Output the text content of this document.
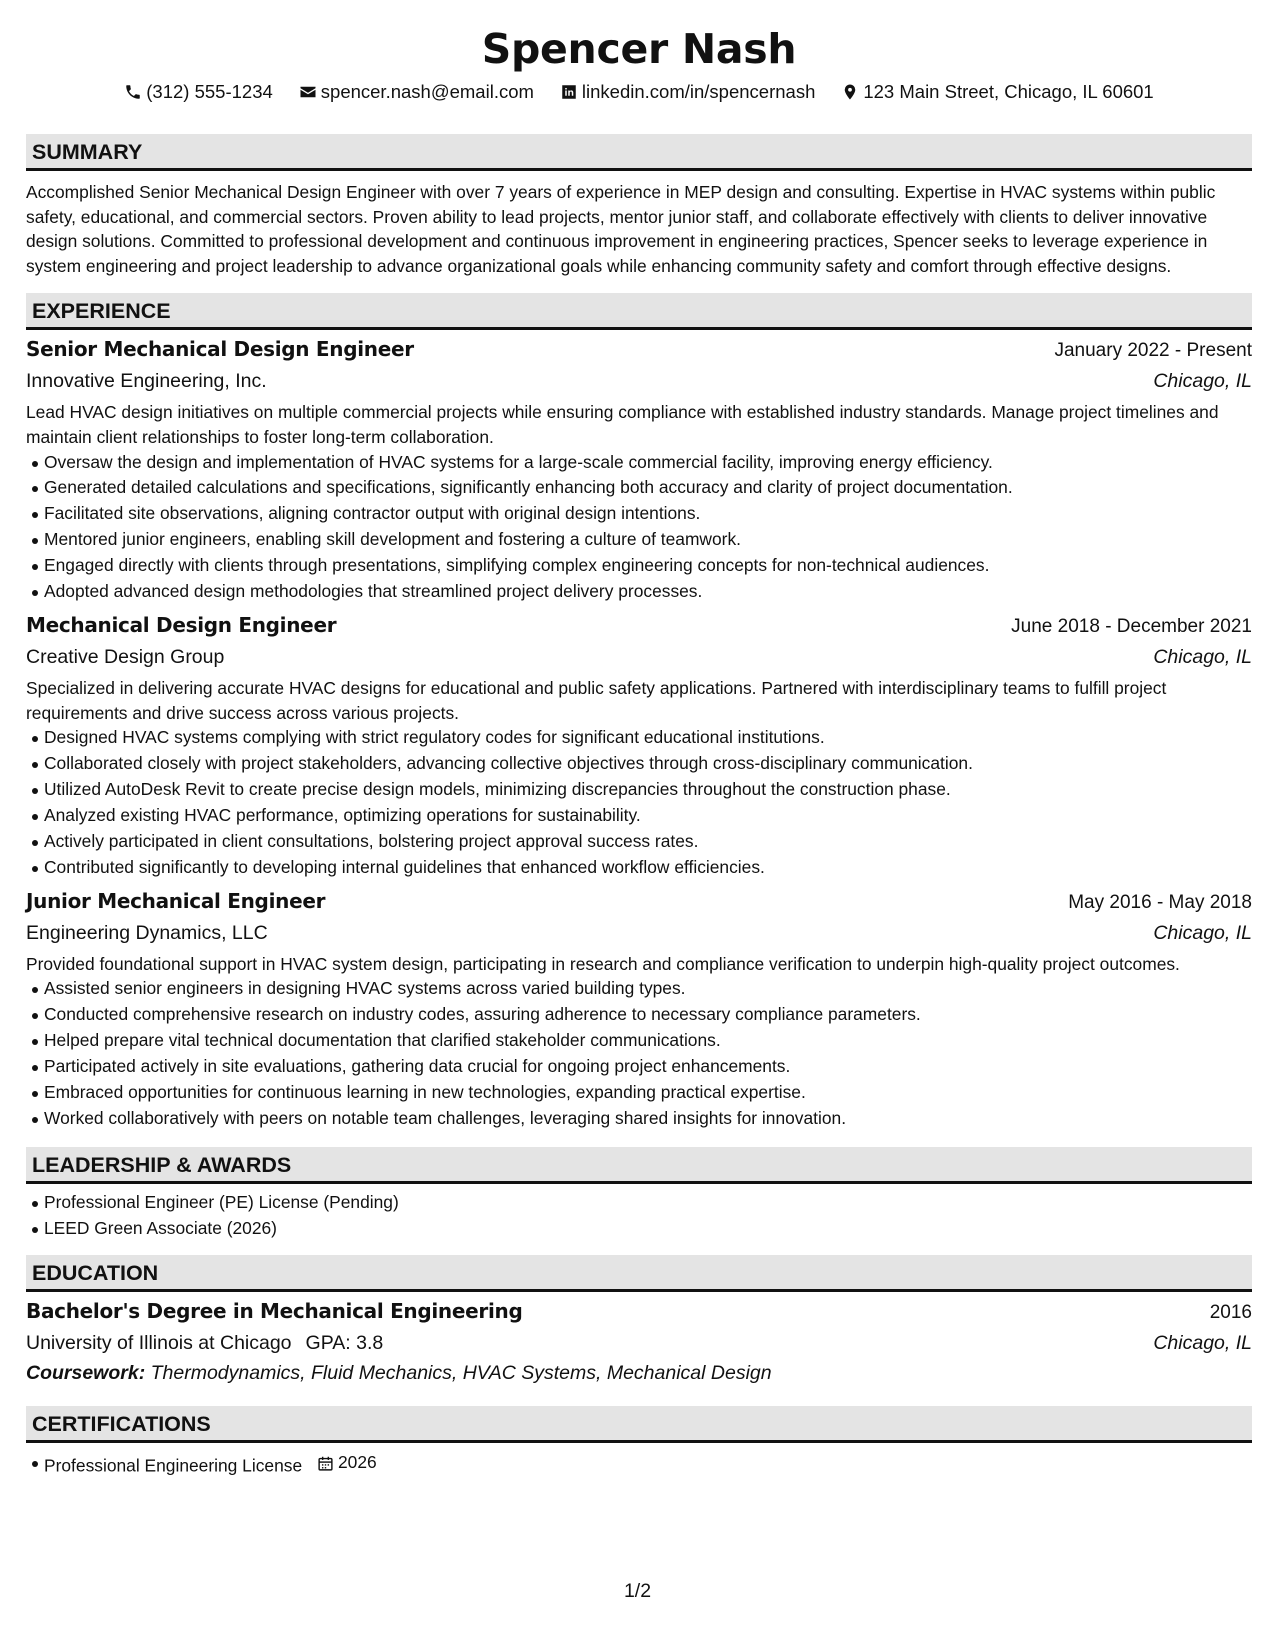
Spencer Nash
(312) 555-1234	spencer.nash@email.com	linkedin.com/in/spencernash	123 Main Street, Chicago, IL 60601
SUMMARY

Accomplished Senior Mechanical Design Engineer with over 7 years of experience in MEP design and consulting. Expertise in HVAC systems within public safety, educational, and commercial sectors. Proven ability to lead projects, mentor junior staff, and collaborate effectively with clients to deliver innovative design solutions. Committed to professional development and continuous improvement in engineering practices, Spencer seeks to leverage experience in system engineering and project leadership to advance organizational goals while enhancing community safety and comfort through effective designs.

EXPERIENCE
Senior Mechanical Design Engineer	January 2022 - Present
Innovative Engineering, Inc.	Chicago, IL

Lead HVAC design initiatives on multiple commercial projects while ensuring compliance with established industry standards. Manage project timelines and maintain client relationships to foster long-term collaboration.

Oversaw the design and implementation of HVAC systems for a large-scale commercial facility, improving energy efficiency.
Generated detailed calculations and specifications, significantly enhancing both accuracy and clarity of project documentation.
Facilitated site observations, aligning contractor output with original design intentions.
Mentored junior engineers, enabling skill development and fostering a culture of teamwork.
Engaged directly with clients through presentations, simplifying complex engineering concepts for non-technical audiences.
Adopted advanced design methodologies that streamlined project delivery processes.
Mechanical Design Engineer	June 2018 - December 2021
Creative Design Group	Chicago, IL

Specialized in delivering accurate HVAC designs for educational and public safety applications. Partnered with interdisciplinary teams to fulfill project requirements and drive success across various projects.

Designed HVAC systems complying with strict regulatory codes for significant educational institutions.
Collaborated closely with project stakeholders, advancing collective objectives through cross-disciplinary communication.
Utilized AutoDesk Revit to create precise design models, minimizing discrepancies throughout the construction phase.
Analyzed existing HVAC performance, optimizing operations for sustainability.
Actively participated in client consultations, bolstering project approval success rates.
Contributed significantly to developing internal guidelines that enhanced workflow efficiencies.
Junior Mechanical Engineer	May 2016 - May 2018
Engineering Dynamics, LLC	Chicago, IL

Provided foundational support in HVAC system design, participating in research and compliance verification to underpin high-quality project outcomes.

Assisted senior engineers in designing HVAC systems across varied building types.
Conducted comprehensive research on industry codes, assuring adherence to necessary compliance parameters.
Helped prepare vital technical documentation that clarified stakeholder communications.
Participated actively in site evaluations, gathering data crucial for ongoing project enhancements.
Embraced opportunities for continuous learning in new technologies, expanding practical expertise.
Worked collaboratively with peers on notable team challenges, leveraging shared insights for innovation.
LEADERSHIP & AWARDS
Professional Engineer (PE) License (Pending)
LEED Green Associate (2026)
EDUCATION
Bachelor's Degree in Mechanical Engineering	2016
University of Illinois at Chicago GPA: 3.8	Chicago, IL
Coursework: Thermodynamics, Fluid Mechanics, HVAC Systems, Mechanical Design
CERTIFICATIONS
Professional Engineering License 2026
1/2
